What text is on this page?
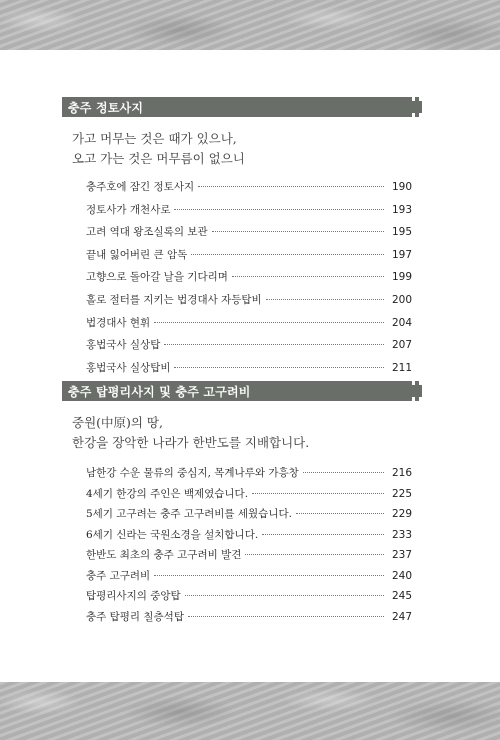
충주 정토사지
가고 머무는 것은 때가 있으나,
오고 가는 것은 머무름이 없으니
충주호에 잠긴 정토사지	190
정토사가 개천사로	193
고려 역대 왕조실록의 보관	195
끝내 잃어버린 큰 암독	197
고향으로 돌아갈 날을 기다리며	199
홀로 절터를 지키는 법경대사 자등탑비	200
법경대사 현휘	204
홍법국사 실상탑	207
홍법국사 실상탑비	211
충주 탑평리사지 및 충주 고구려비
중원(中原)의 땅,
한강을 장악한 나라가 한반도를 지배합니다.
남한강 수운 물류의 중심지, 목계나루와 가흥창	216
4세기 한강의 주인은 백제였습니다.	225
5세기 고구려는 충주 고구려비를 세웠습니다.	229
6세기 신라는 국원소경을 설치합니다.	233
한반도 최초의 충주 고구려비 발견	237
충주 고구려비	240
탑평리사지의 중앙탑	245
충주 탑평리 칠층석탑	247
